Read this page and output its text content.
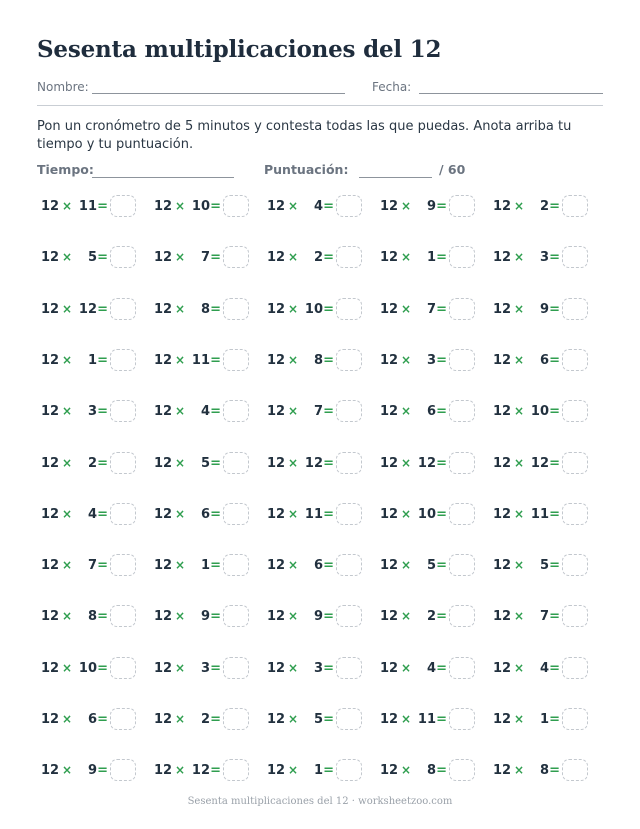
Sesenta multiplicaciones del 12
Nombre:	Fecha:
Pon un cronómetro de 5 minutos y contesta todas las que puedas. Anota arriba tu tiempo y tu puntuación.
Tiempo:	Puntuación:	/ 60
12 × 11 =	12 × 10 =	12 ×	4 =	12 ×	9 =	12 ×	2 =
12 ×	5 =	12 ×	7 =	12 ×	2 =	12 ×	1 =	12 ×	3 =
12 × 12 =	12 ×	8 =	12 × 10 =	12 ×	7 =	12 ×	9 =
12 ×	1 =	12 × 11 =	12 ×	8 =	12 ×	3 =	12 ×	6 =
12 ×	3 =	12 ×	4 =	12 ×	7 =	12 ×	6 =	12 × 10 =
12 ×	2 =	12 ×	5 =	12 × 12 =	12 × 12 =	12 × 12 =
12 ×	4 =	12 ×	6 =	12 × 11 =	12 × 10 =	12 × 11 =
12 ×	7 =	12 ×	1 =	12 ×	6 =	12 ×	5 =	12 ×	5 =
12 ×	8 =	12 ×	9 =	12 ×	9 =	12 ×	2 =	12 ×	7 =
12 × 10 =	12 ×	3 =	12 ×	3 =	12 ×	4 =	12 ×	4 =
12 ×	6 =	12 ×	2 =	12 ×	5 =	12 × 11 =	12 ×	1 =
12 ×	9 =	12 × 12 =	12 ×	1 =	12 ×	8 =	12 ×	8 =
Sesenta multiplicaciones del 12 · worksheetzoo.com
